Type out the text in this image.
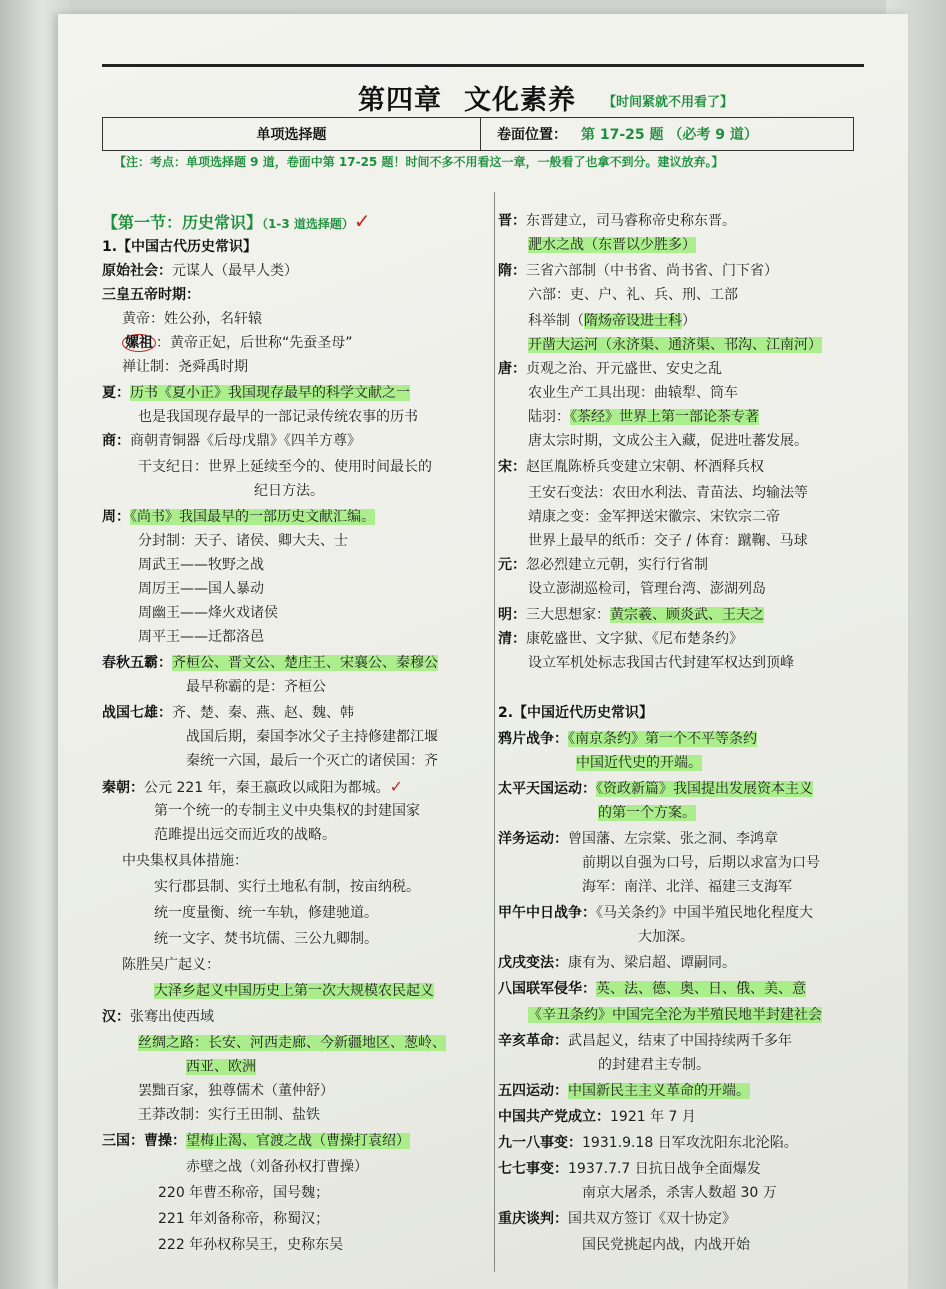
第四章 文化素养 【时间紧就不用看了】
单项选择题	卷面位置： 第 17-25 题 （必考 9 道）
【注：考点：单项选择题 9 道，卷面中第 17-25 题！时间不多不用看这一章，一般看了也拿不到分。建议放弃。】
【第一节：历史常识】（1-3 道选择题）✓
1.【中国古代历史常识】
原始社会：元谋人（最早人类）
三皇五帝时期：
黄帝：姓公孙，名轩辕
嫘祖 ：黄帝正妃，后世称“先蚕圣母”
禅让制：尧舜禹时期
夏：历书《夏小正》我国现存最早的科学文献之一
也是我国现存最早的一部记录传统农事的历书
商：商朝青铜器《后母戊鼎》《四羊方尊》
干支纪日：世界上延续至今的、使用时间最长的
纪日方法。
周：《尚书》我国最早的一部历史文献汇编。
分封制：天子、诸侯、卿大夫、士
周武王——牧野之战
周厉王——国人暴动
周幽王——烽火戏诸侯
周平王——迁都洛邑
春秋五霸：齐桓公、晋文公、楚庄王、宋襄公、秦穆公
最早称霸的是：齐桓公
战国七雄：齐、楚、秦、燕、赵、魏、韩
战国后期，秦国李冰父子主持修建都江堰
秦统一六国，最后一个灭亡的诸侯国：齐
秦朝：公元 221 年，秦王嬴政以咸阳为都城。✓
第一个统一的专制主义中央集权的封建国家
范雎提出远交而近攻的战略。
中央集权具体措施：
实行郡县制、实行土地私有制，按亩纳税。
统一度量衡、统一车轨，修建驰道。
统一文字、焚书坑儒、三公九卿制。
陈胜吴广起义：
大泽乡起义中国历史上第一次大规模农民起义
汉：张骞出使西域
丝绸之路：长安、河西走廊、今新疆地区、葱岭、
西亚、欧洲
罢黜百家，独尊儒术（董仲舒）
王莽改制：实行王田制、盐铁
三国：曹操：望梅止渴、官渡之战（曹操打袁绍）
赤壁之战（刘备孙权打曹操）
220 年曹丕称帝，国号魏；
221 年刘备称帝，称蜀汉；
222 年孙权称吴王，史称东吴
晋：东晋建立，司马睿称帝史称东晋。
淝水之战（东晋以少胜多）
隋：三省六部制（中书省、尚书省、门下省）
六部：吏、户、礼、兵、刑、工部
科举制（隋炀帝设进士科）
开凿大运河（永济渠、通济渠、邗沟、江南河）
唐：贞观之治、开元盛世、安史之乱
农业生产工具出现：曲辕犁、筒车
陆羽：《茶经》世界上第一部论茶专著
唐太宗时期，文成公主入藏，促进吐蕃发展。
宋：赵匡胤陈桥兵变建立宋朝、杯酒释兵权
王安石变法：农田水利法、青苗法、均输法等
靖康之变：金军押送宋徽宗、宋钦宗二帝
世界上最早的纸币：交子 / 体育：蹴鞠、马球
元：忽必烈建立元朝，实行行省制
设立澎湖巡检司，管理台湾、澎湖列岛
明：三大思想家：黄宗羲、顾炎武、王夫之
清：康乾盛世、文字狱、《尼布楚条约》
设立军机处标志我国古代封建军权达到顶峰
2.【中国近代历史常识】
鸦片战争：《南京条约》第一个不平等条约
中国近代史的开端。
太平天国运动：《资政新篇》我国提出发展资本主义
的第一个方案。
洋务运动：曾国藩、左宗棠、张之洞、李鸿章
前期以自强为口号，后期以求富为口号
海军：南洋、北洋、福建三支海军
甲午中日战争：《马关条约》中国半殖民地化程度大
大加深。
戊戌变法：康有为、梁启超、谭嗣同。
八国联军侵华：英、法、德、奥、日、俄、美、意
《辛丑条约》中国完全沦为半殖民地半封建社会
辛亥革命：武昌起义，结束了中国持续两千多年
的封建君主专制。
五四运动：中国新民主主义革命的开端。
中国共产党成立：1921 年 7 月
九一八事变：1931.9.18 日军攻沈阳东北沦陷。
七七事变：1937.7.7 日抗日战争全面爆发
南京大屠杀，杀害人数超 30 万
重庆谈判：国共双方签订《双十协定》
国民党挑起内战，内战开始
